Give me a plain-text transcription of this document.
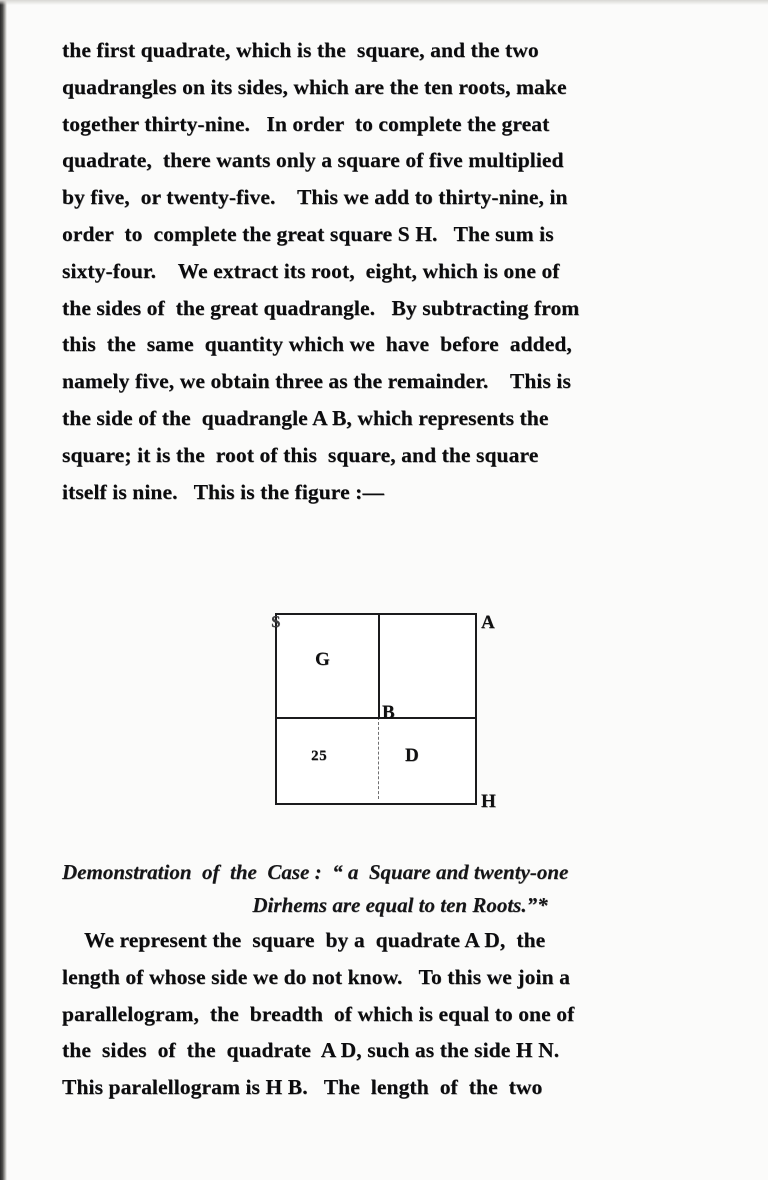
the first quadrate, which is the  square, and the two
quadrangles on its sides, which are the ten roots, make
together thirty-nine.   In order  to complete the great
quadrate,  there wants only a square of five multiplied
by five,  or twenty-five.    This we add to thirty-nine, in
order  to  complete the great square S H.   The sum is
sixty-four.    We extract its root,  eight, which is one of
the sides of  the great quadrangle.   By subtracting from
this  the  same  quantity which we  have  before  added,
namely five, we obtain three as the remainder.    This is
the side of the  quadrangle A B, which represents the
square; it is the  root of this  square, and the square
itself is nine.   This is the figure :—
S	A
G
B
25	D
H
Demonstration  of  the  Case :  “ a  Square and twenty-one
Dirhems are equal to ten Roots.”*
We represent the  square  by a  quadrate A D,  the
length of whose side we do not know.   To this we join a
parallelogram,  the  breadth  of which is equal to one of
the  sides  of  the  quadrate  A D, such as the side H N.
This paralellogram is H B.   The  length  of  the  two
